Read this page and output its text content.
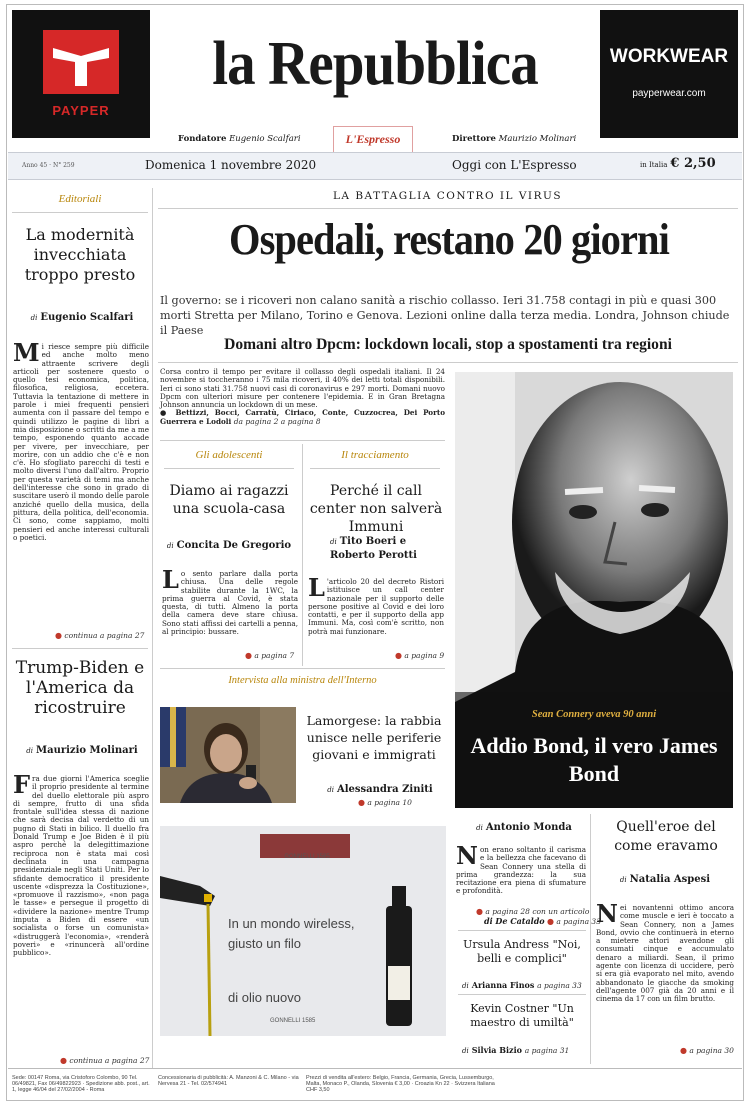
PAYPER
la Repubblica	WORKWEAR
payperwear.com
Fondatore Eugenio Scalfari	L'Espresso	Direttore Maurizio Molinari
Anno 45 · N° 259	Domenica 1 novembre 2020	Oggi con L'Espresso	in Italia € 2,50
Editoriali
La modernità invecchiata troppo presto
di Eugenio Scalfari
Mi riesce sempre più difficile ed anche molto meno attraente scrivere degli articoli per sostenere questo o quello tesi economica, politica, filosofica, religiosa, eccetera. Tuttavia la tentazione di mettere in parole i miei frequenti pensieri aumenta con il passare del tempo e quindi utilizzo le pagine di libri a mia disposizione o scritti da me a me tempo, esponendo quanto accade per vivere, per invecchiare, per morire, con un addio che c'è e non c'è. Ho sfogliato parecchi di testi e molto diversi l'uno dall'altro. Proprio per questa varietà di temi ma anche dell'interesse che sono in grado di suscitare userò il mondo delle parole anziché quello della musica, della pittura, della politica, dell'economia. Ci sono, come sappiamo, molti pensieri ed anche interessi culturali o poetici.
● continua a pagina 27
Trump-Biden e l'America da ricostruire
di Maurizio Molinari
Fra due giorni l'America sceglie il proprio presidente al termine del duello elettorale più aspro di sempre, frutto di una sfida frontale sull'idea stessa di nazione che sarà decisa dal verdetto di un pugno di Stati in bilico. Il duello fra Donald Trump e Joe Biden è il più aspro perché la delegittimazione reciproca non è stata mai così declinata in una campagna presidenziale negli Stati Uniti. Per lo sfidante democratico il presidente uscente «disprezza la Costituzione», «promuove il razzismo», «non paga le tasse» e persegue il progetto di «dividere la nazione» mentre Trump imputa a Biden di essere «un socialista o forse un comunista» «distruggerà l'economia», «renderà poveri» e «rinuncerà all'ordine pubblico».
● continua a pagina 27
LA BATTAGLIA CONTRO IL VIRUS
Ospedali, restano 20 giorni
Il governo: se i ricoveri non calano sanità a rischio collasso. Ieri 31.758 contagi in più e quasi 300 morti Stretta per Milano, Torino e Genova. Lezioni online dalla terza media. Londra, Johnson chiude il Paese
Domani altro Dpcm: lockdown locali, stop a spostamenti tra regioni
Corsa contro il tempo per evitare il collasso degli ospedali italiani. Il 24 novembre si toccheranno i 75 mila ricoveri, il 40% dei letti totali disponibili. Ieri ci sono stati 31.758 nuovi casi di coronavirus e 297 morti. Domani nuovo Dpcm con ulteriori misure per contenere l'epidemia. E in Gran Bretagna Johnson annuncia un lockdown di un mese.
● Bettizzi, Bocci, Carratù, Ciriaco, Conte, Cuzzocrea, Dei Porto Guerrera e Lodoli da pagina 2 a pagina 8
Gli adolescenti
Diamo ai ragazzi una scuola-casa
di Concita De Gregorio
Lo sento parlare dalla porta chiusa. Una delle regole stabilite durante la 1WC, la prima guerra al Covid, è stata questa, di tutti. Almeno la porta della camera deve stare chiusa. Sono stati affissi dei cartelli a penna, al principio: bussare.
● a pagina 7
Il tracciamento
Perché il call center non salverà Immuni
di Tito Boeri e Roberto Perotti
L 'articolo 20 del decreto Ristori istituisce un call center nazionale per il supporto delle persone positive al Covid e dei loro contatti, e per il supporto della app Immuni. Ma, così com'è scritto, non potrà mai funzionare.
● a pagina 9
Intervista alla ministra dell'Interno
Lamorgese: la rabbia unisce nelle periferie giovani e immigrati
di Alessandra Ziniti
● a pagina 10
Sean Connery aveva 90 anni
Addio Bond, il vero James Bond
di Antonio Monda
Non erano soltanto il carisma e la bellezza che facevano di Sean Connery una stella di prima grandezza: la sua recitazione era piena di sfumature e profondità.
● a pagina 28 con un articolo
di De Cataldo ● a pagina 33
Ursula Andress "Noi, belli e complici"
di Arianna Finos a pagina 33
Kevin Costner "Un maestro di umiltà"
di Silvia Bizio a pagina 31
Quell'eroe del come eravamo
di Natalia Aspesi
Nei novantenni ottimo ancora come muscle e ieri è toccato a Sean Connery, non a James Bond, ovvio che continuerà in eterno a mietere attori avendone gli consumati cinque e accumulato denaro a miliardi. Sean, il primo agente con licenza di uccidere, però si era già evaporato nel mito, avendo abbandonato le giacche da smoking dell'agente 007 già da 20 anni e il cinema da 17 con un film brutto.
● a pagina 30
GONNELLI 1585
In un mondo wireless,
giusto un filo
di olio nuovo
GONNELLI 1585
Sede: 00147 Roma, via Cristoforo Colombo, 90 Tel. 06/49821, Fax 06/49822923 · Spedizione abb. post., art. 1, legge 46/04 del 27/02/2004 - Roma
Concessionaria di pubblicità: A. Manzoni & C. Milano - via Nervesa 21 - Tel. 02/574941
Prezzi di vendita all'estero: Belgio, Francia, Germania, Grecia, Lussemburgo, Malta, Monaco P., Olanda, Slovenia € 3,00 · Croazia Kn 22 · Svizzera Italiana CHF 3,50
